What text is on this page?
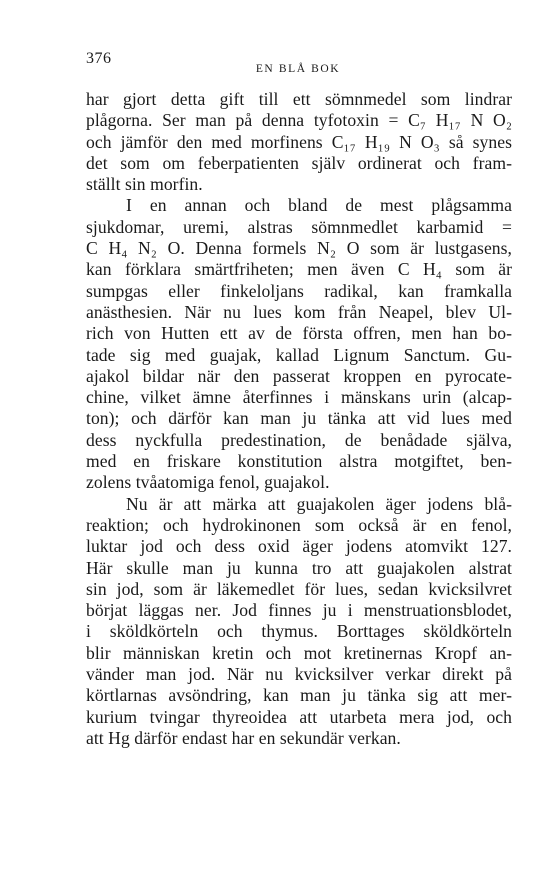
376
EN BLÅ BOK
har gjort detta gift till ett sömnmedel som lindrar
plågorna. Ser man på denna tyfotoxin = C₇ H₁₇ N O₂
och jämför den med morfinens C₁₇ H₁₉ N O₃ så synes
det som om feberpatienten själv ordinerat och fram-
ställt sin morfin.
I en annan och bland de mest plågsamma
sjukdomar, uremi, alstras sömnmedlet karbamid =
C H₄ N₂ O. Denna formels N₂ O som är lustgasens,
kan förklara smärtfriheten; men även C H₄ som är
sumpgas eller finkeloljans radikal, kan framkalla
anästhesien. När nu lues kom från Neapel, blev Ul-
rich von Hutten ett av de första offren, men han bo-
tade sig med guajak, kallad Lignum Sanctum. Gu-
ajakol bildar när den passerat kroppen en pyrocate-
chine, vilket ämne återfinnes i mänskans urin (alcap-
ton); och därför kan man ju tänka att vid lues med
dess nyckfulla predestination, de benådade själva,
med en friskare konstitution alstra motgiftet, ben-
zolens tvåatomiga fenol, guajakol.
Nu är att märka att guajakolen äger jodens blå-
reaktion; och hydrokinonen som också är en fenol,
luktar jod och dess oxid äger jodens atomvikt 127.
Här skulle man ju kunna tro att guajakolen alstrat
sin jod, som är läkemedlet för lues, sedan kvicksilvret
börjat läggas ner. Jod finnes ju i menstruationsblodet,
i sköldkörteln och thymus. Borttages sköldkörteln
blir människan kretin och mot kretinernas Kropf an-
vänder man jod. När nu kvicksilver verkar direkt på
körtlarnas avsöndring, kan man ju tänka sig att mer-
kurium tvingar thyreoidea att utarbeta mera jod, och
att Hg därför endast har en sekundär verkan.
